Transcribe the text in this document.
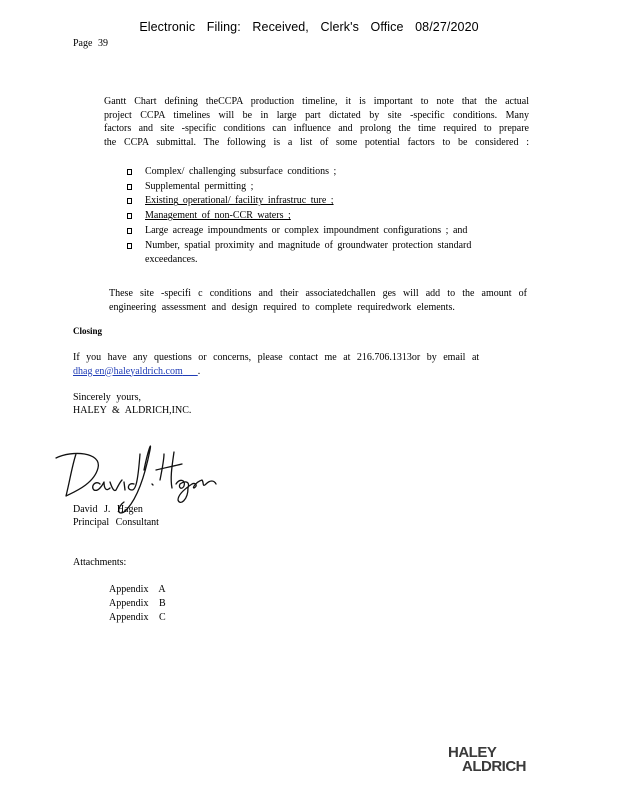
Electronic Filing: Received, Clerk's Office 08/27/2020
Page 39
Gantt Chart defining theCCPA production timeline, it is important to note that the actual
project CCPA timelines will be in large part dictated by site -specific conditions. Many
factors and site -specific conditions can influence and prolong the time required to prepare
the CCPA submittal. The following is a list of some potential factors to be considered :
Complex/ challenging subsurface conditions ;
Supplemental permitting ;
Existing operational/ facility infrastruc ture ;
Management of non-CCR waters ;
Large acreage impoundments or complex impoundment configurations ; and
Number, spatial proximity and magnitude of groundwater protection standard
exceedances.
These site -specifi c conditions and their associatedchallen ges will add to the amount of
engineering assessment and design required to complete requiredwork elements.
Closing
If you have any questions or concerns, please contact me at 216.706.1313or by email at
dhag en@haleyaldrich.com .
Sincerely yours,
HALEY & ALDRICH,INC.
David J. Hagen
Principal Consultant
Attachments:
Appendix A
Appendix B
Appendix C
HALEY
ALDRICH
